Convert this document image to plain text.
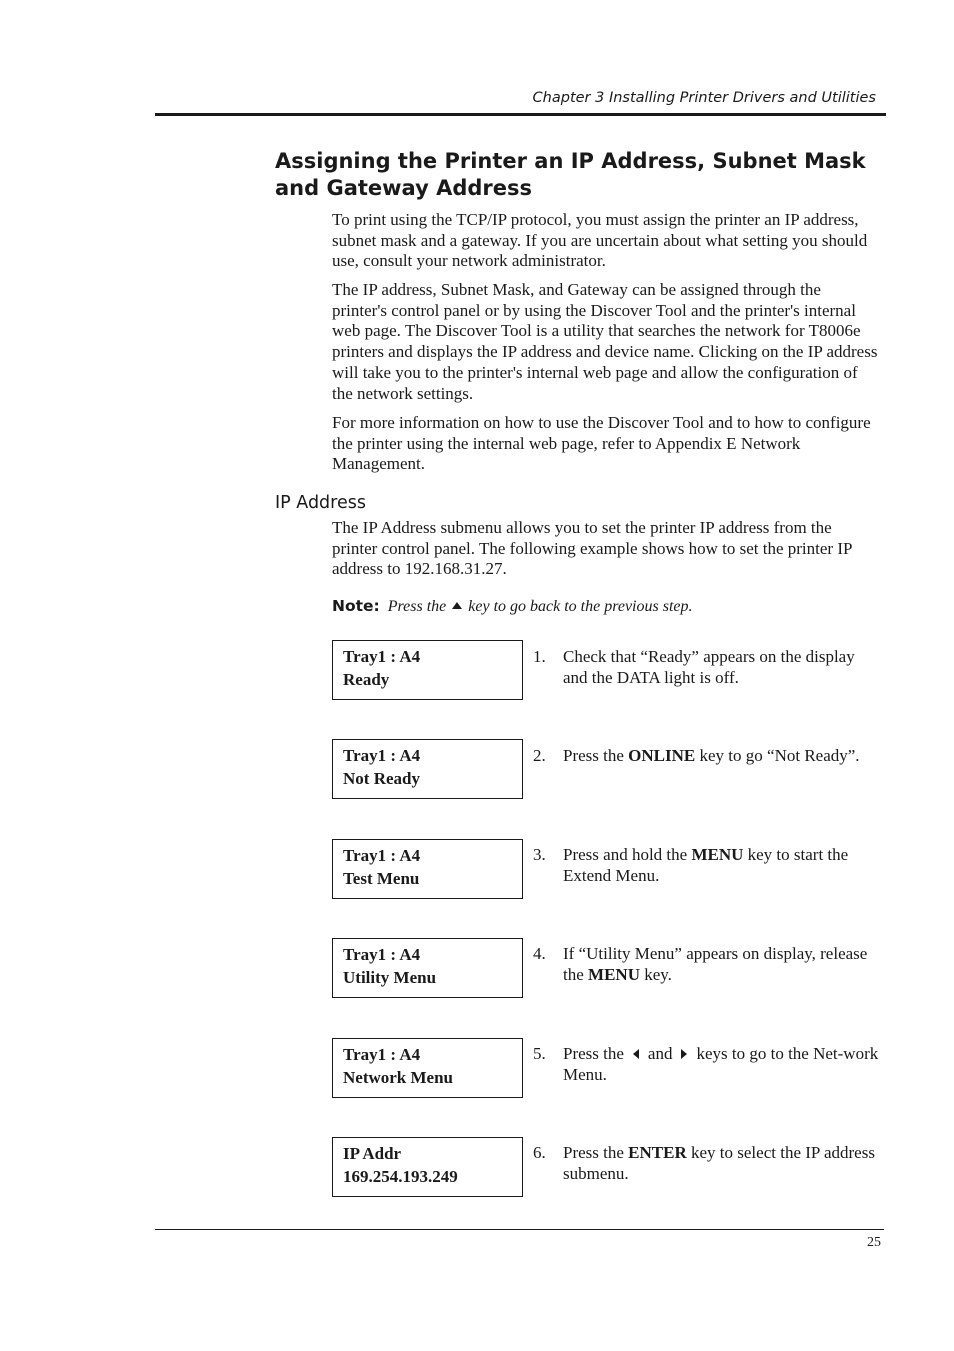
Chapter 3 Installing Printer Drivers and Utilities
Assigning the Printer an IP Address, Subnet Mask and Gateway Address

To print using the TCP/IP protocol, you must assign the printer an IP address, subnet mask and a gateway. If you are uncertain about what setting you should use, consult your network administrator.

The IP address, Subnet Mask, and Gateway can be assigned through the printer's control panel or by using the Discover Tool and the printer's internal web page. The Discover Tool is a utility that searches the network for T8006e printers and displays the IP address and device name. Clicking on the IP address will take you to the printer's internal web page and allow the configuration of the network settings.

For more information on how to use the Discover Tool and to how to configure the printer using the internal web page, refer to Appendix E Network Management.

IP Address

The IP Address submenu allows you to set the printer IP address from the printer control panel. The following example shows how to set the printer IP address to 192.168.31.27.

Note: Press the key to go back to the previous step.
Tray1 : A4
Ready
1. Check that “Ready” appears on the display and the DATA light is off.
Tray1 : A4
Not Ready
2. Press the ONLINE key to go “Not Ready”.
Tray1 : A4
Test Menu
3. Press and hold the MENU key to start the Extend Menu.
Tray1 : A4
Utility Menu
4. If “Utility Menu” appears on display, release the MENU key.
Tray1 : A4
Network Menu
5. Press the and keys to go to the Net-work Menu.
IP Addr
169.254.193.249
6. Press the ENTER key to select the IP address submenu.
25
